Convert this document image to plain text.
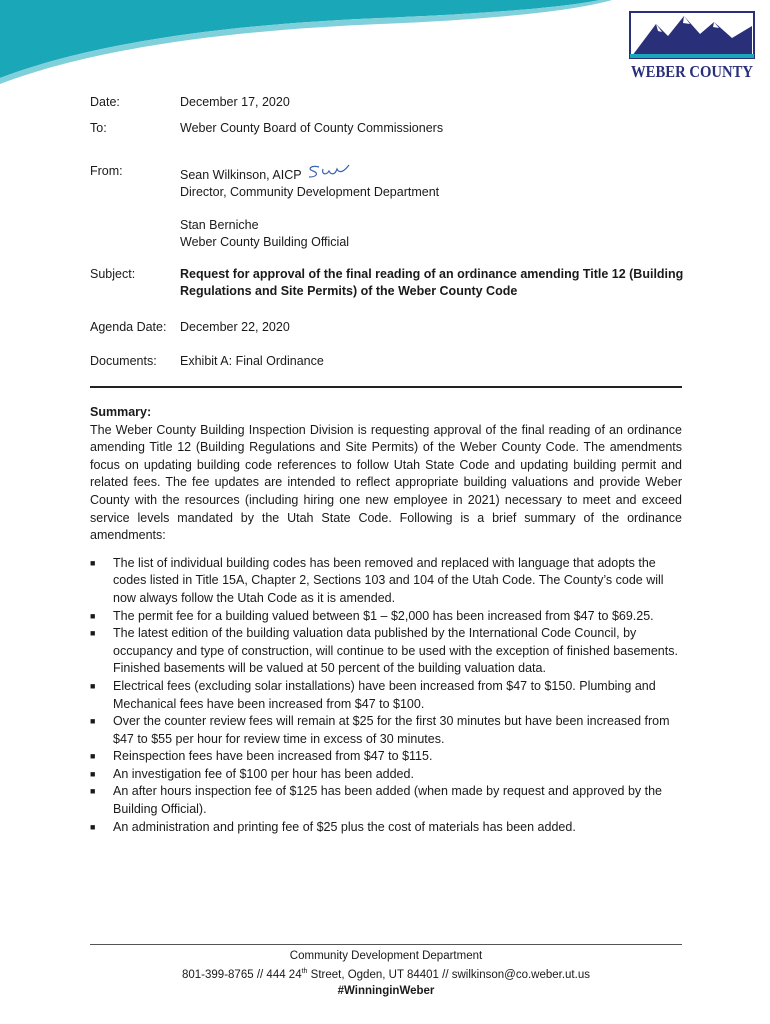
WEBER COUNTY
Date:	December 17, 2020
To:	Weber County Board of County Commissioners
From:	Sean Wilkinson, AICP
Director, Community Development Department

Stan Berniche
Weber County Building Official
Subject:	Request for approval of the final reading of an ordinance amending Title 12 (Building Regulations and Site Permits) of the Weber County Code
Agenda Date:	December 22, 2020
Documents:	Exhibit A: Final Ordinance
Summary:
The Weber County Building Inspection Division is requesting approval of the final reading of an ordinance amending Title 12 (Building Regulations and Site Permits) of the Weber County Code. The amendments focus on updating building code references to follow Utah State Code and updating building permit and related fees. The fee updates are intended to reflect appropriate building valuations and provide Weber County with the resources (including hiring one new employee in 2021) necessary to meet and exceed service levels mandated by the Utah State Code. Following is a brief summary of the ordinance amendments:
■ The list of individual building codes has been removed and replaced with language that adopts the codes listed in Title 15A, Chapter 2, Sections 103 and 104 of the Utah Code. The County’s code will now always follow the Utah Code as it is amended.
■ The permit fee for a building valued between $1 – $2,000 has been increased from $47 to $69.25.
■ The latest edition of the building valuation data published by the International Code Council, by occupancy and type of construction, will continue to be used with the exception of finished basements. Finished basements will be valued at 50 percent of the building valuation data.
■ Electrical fees (excluding solar installations) have been increased from $47 to $150. Plumbing and Mechanical fees have been increased from $47 to $100.
■ Over the counter review fees will remain at $25 for the first 30 minutes but have been increased from $47 to $55 per hour for review time in excess of 30 minutes.
■ Reinspection fees have been increased from $47 to $115.
■ An investigation fee of $100 per hour has been added.
■ An after hours inspection fee of $125 has been added (when made by request and approved by the Building Official).
■ An administration and printing fee of $25 plus the cost of materials has been added.
Community Development Department
801-399-8765 // 444 24th Street, Ogden, UT 84401 // swilkinson@co.weber.ut.us
#WinninginWeber
